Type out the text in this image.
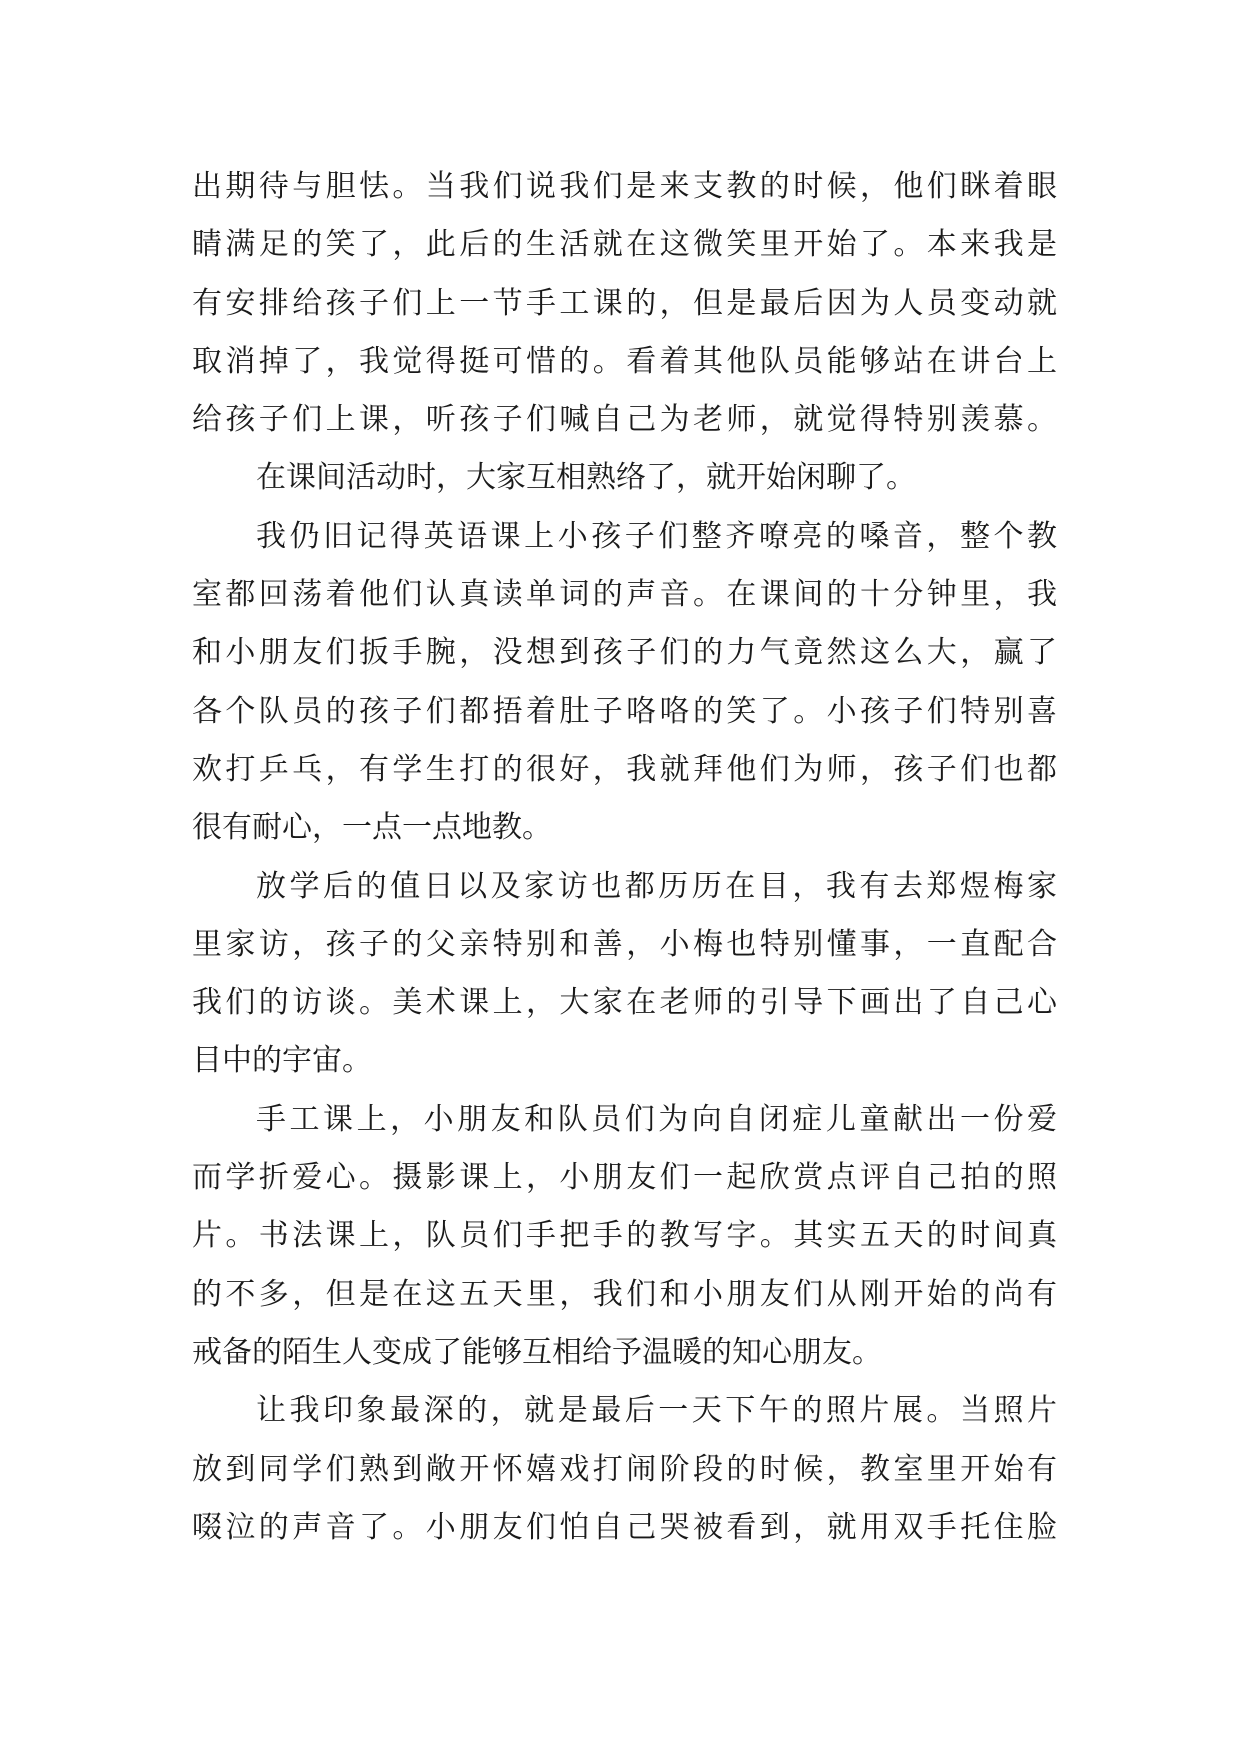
出期待与胆怯。当我们说我们是来支教的时候，他们眯着眼
睛满足的笑了，此后的生活就在这微笑里开始了。本来我是
有安排给孩子们上一节手工课的，但是最后因为人员变动就
取消掉了，我觉得挺可惜的。看着其他队员能够站在讲台上
给孩子们上课，听孩子们喊自己为老师，就觉得特别羡慕。
在课间活动时，大家互相熟络了，就开始闲聊了。
我仍旧记得英语课上小孩子们整齐嘹亮的嗓音，整个教
室都回荡着他们认真读单词的声音。在课间的十分钟里，我
和小朋友们扳手腕，没想到孩子们的力气竟然这么大，赢了
各个队员的孩子们都捂着肚子咯咯的笑了。小孩子们特别喜
欢打乒乓，有学生打的很好，我就拜他们为师，孩子们也都
很有耐心，一点一点地教。
放学后的值日以及家访也都历历在目，我有去郑煜梅家
里家访，孩子的父亲特别和善，小梅也特别懂事，一直配合
我们的访谈。美术课上，大家在老师的引导下画出了自己心
目中的宇宙。
手工课上，小朋友和队员们为向自闭症儿童献出一份爱
而学折爱心。摄影课上，小朋友们一起欣赏点评自己拍的照
片。书法课上，队员们手把手的教写字。其实五天的时间真
的不多，但是在这五天里，我们和小朋友们从刚开始的尚有
戒备的陌生人变成了能够互相给予温暖的知心朋友。
让我印象最深的，就是最后一天下午的照片展。当照片
放到同学们熟到敞开怀嬉戏打闹阶段的时候，教室里开始有
啜泣的声音了。小朋友们怕自己哭被看到，就用双手托住脸
